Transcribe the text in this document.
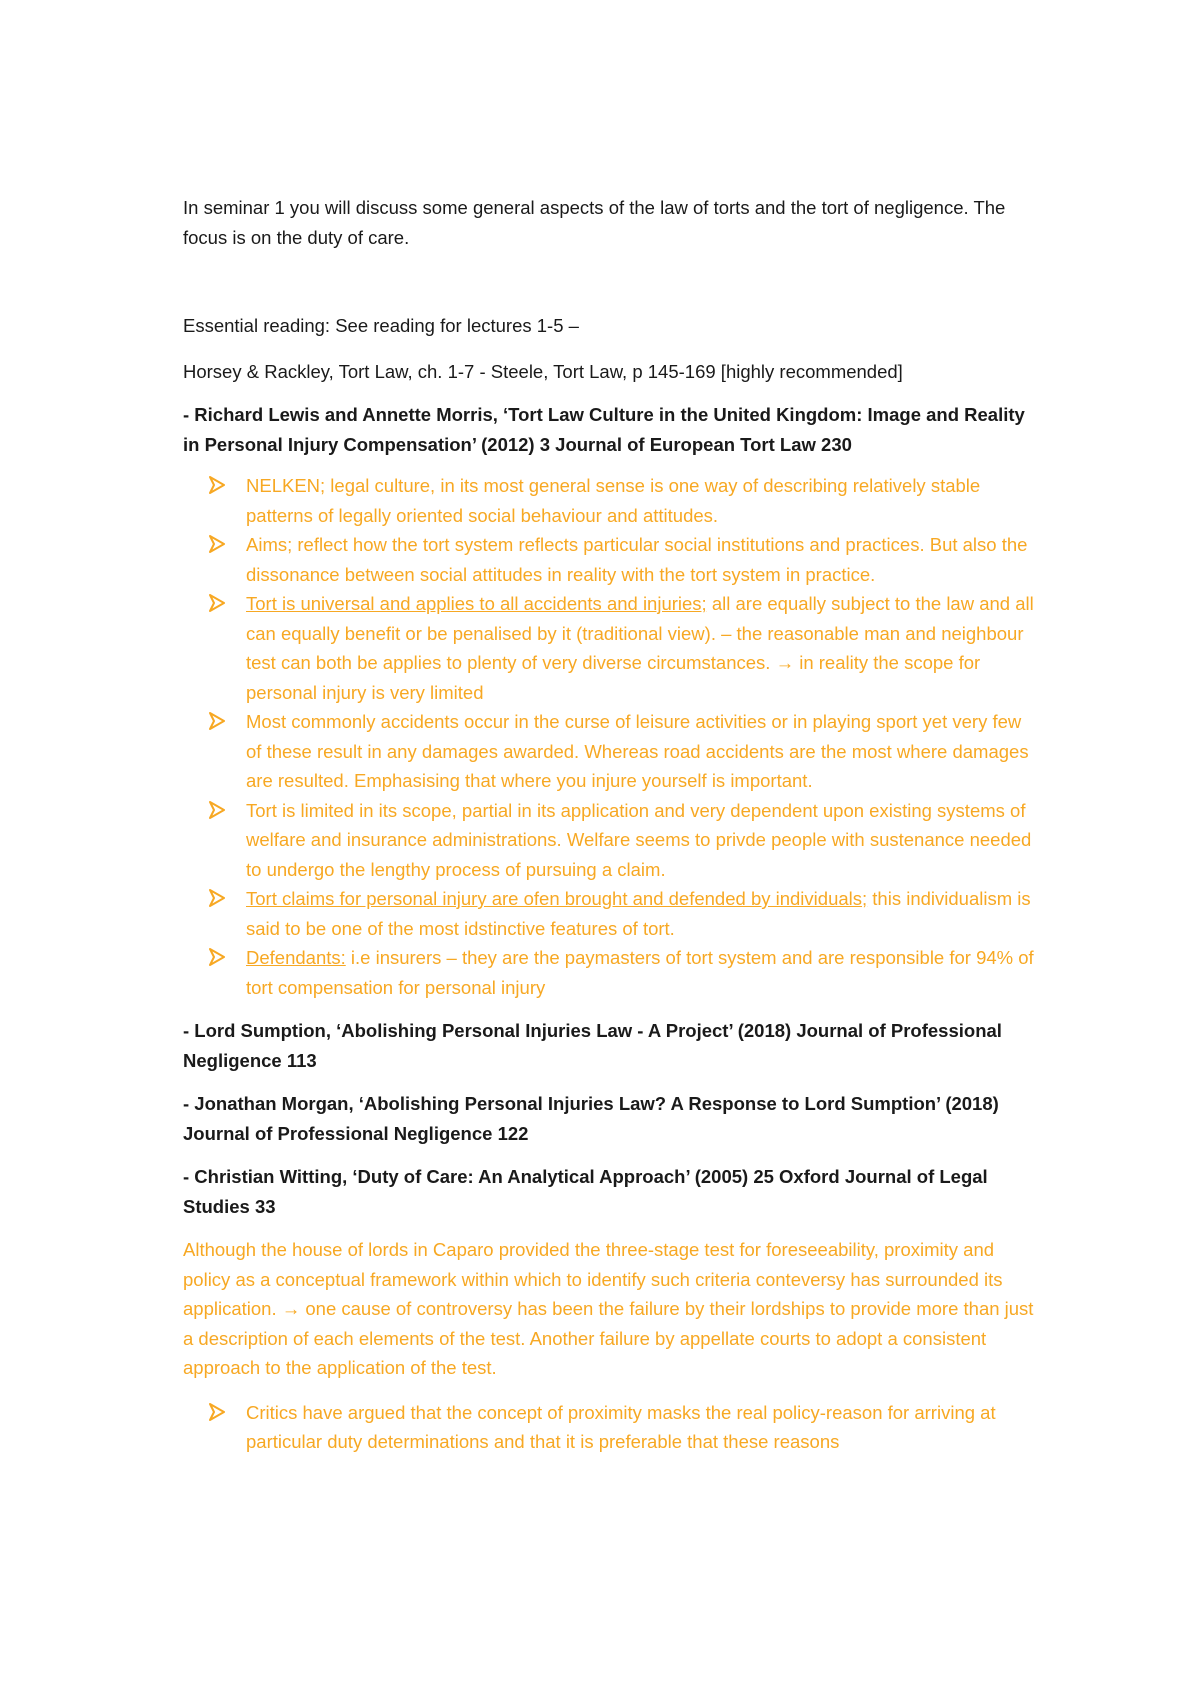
In seminar 1 you will discuss some general aspects of the law of torts and the tort of negligence. The focus is on the duty of care.

Essential reading: See reading for lectures 1-5 –

Horsey & Rackley, Tort Law, ch. 1-7 - Steele, Tort Law, p 145-169 [highly recommended]

- Richard Lewis and Annette Morris, ‘Tort Law Culture in the United Kingdom: Image and Reality in Personal Injury Compensation’ (2012) 3 Journal of European Tort Law 230

NELKEN; legal culture, in its most general sense is one way of describing relatively stable patterns of legally oriented social behaviour and attitudes.
Aims; reflect how the tort system reflects particular social institutions and practices. But also the dissonance between social attitudes in reality with the tort system in practice.
Tort is universal and applies to all accidents and injuries; all are equally subject to the law and all can equally benefit or be penalised by it (traditional view). – the reasonable man and neighbour test can both be applies to plenty of very diverse circumstances. → in reality the scope for personal injury is very limited
Most commonly accidents occur in the curse of leisure activities or in playing sport yet very few of these result in any damages awarded. Whereas road accidents are the most where damages are resulted. Emphasising that where you injure yourself is important.
Tort is limited in its scope, partial in its application and very dependent upon existing systems of welfare and insurance administrations. Welfare seems to privde people with sustenance needed to undergo the lengthy process of pursuing a claim.
Tort claims for personal injury are ofen brought and defended by individuals; this individualism is said to be one of the most idstinctive features of tort.
Defendants: i.e insurers – they are the paymasters of tort system and are responsible for 94% of tort compensation for personal injury

- Lord Sumption, ‘Abolishing Personal Injuries Law - A Project’ (2018) Journal of Professional Negligence 113

- Jonathan Morgan, ‘Abolishing Personal Injuries Law? A Response to Lord Sumption’ (2018) Journal of Professional Negligence 122

- Christian Witting, ‘Duty of Care: An Analytical Approach’ (2005) 25 Oxford Journal of Legal Studies 33

Although the house of lords in Caparo provided the three-stage test for foreseeability, proximity and policy as a conceptual framework within which to identify such criteria conteversy has surrounded its application. → one cause of controversy has been the failure by their lordships to provide more than just a description of each elements of the test. Another failure by appellate courts to adopt a consistent approach to the application of the test.

Critics have argued that the concept of proximity masks the real policy-reason for arriving at particular duty determinations and that it is preferable that these reasons
